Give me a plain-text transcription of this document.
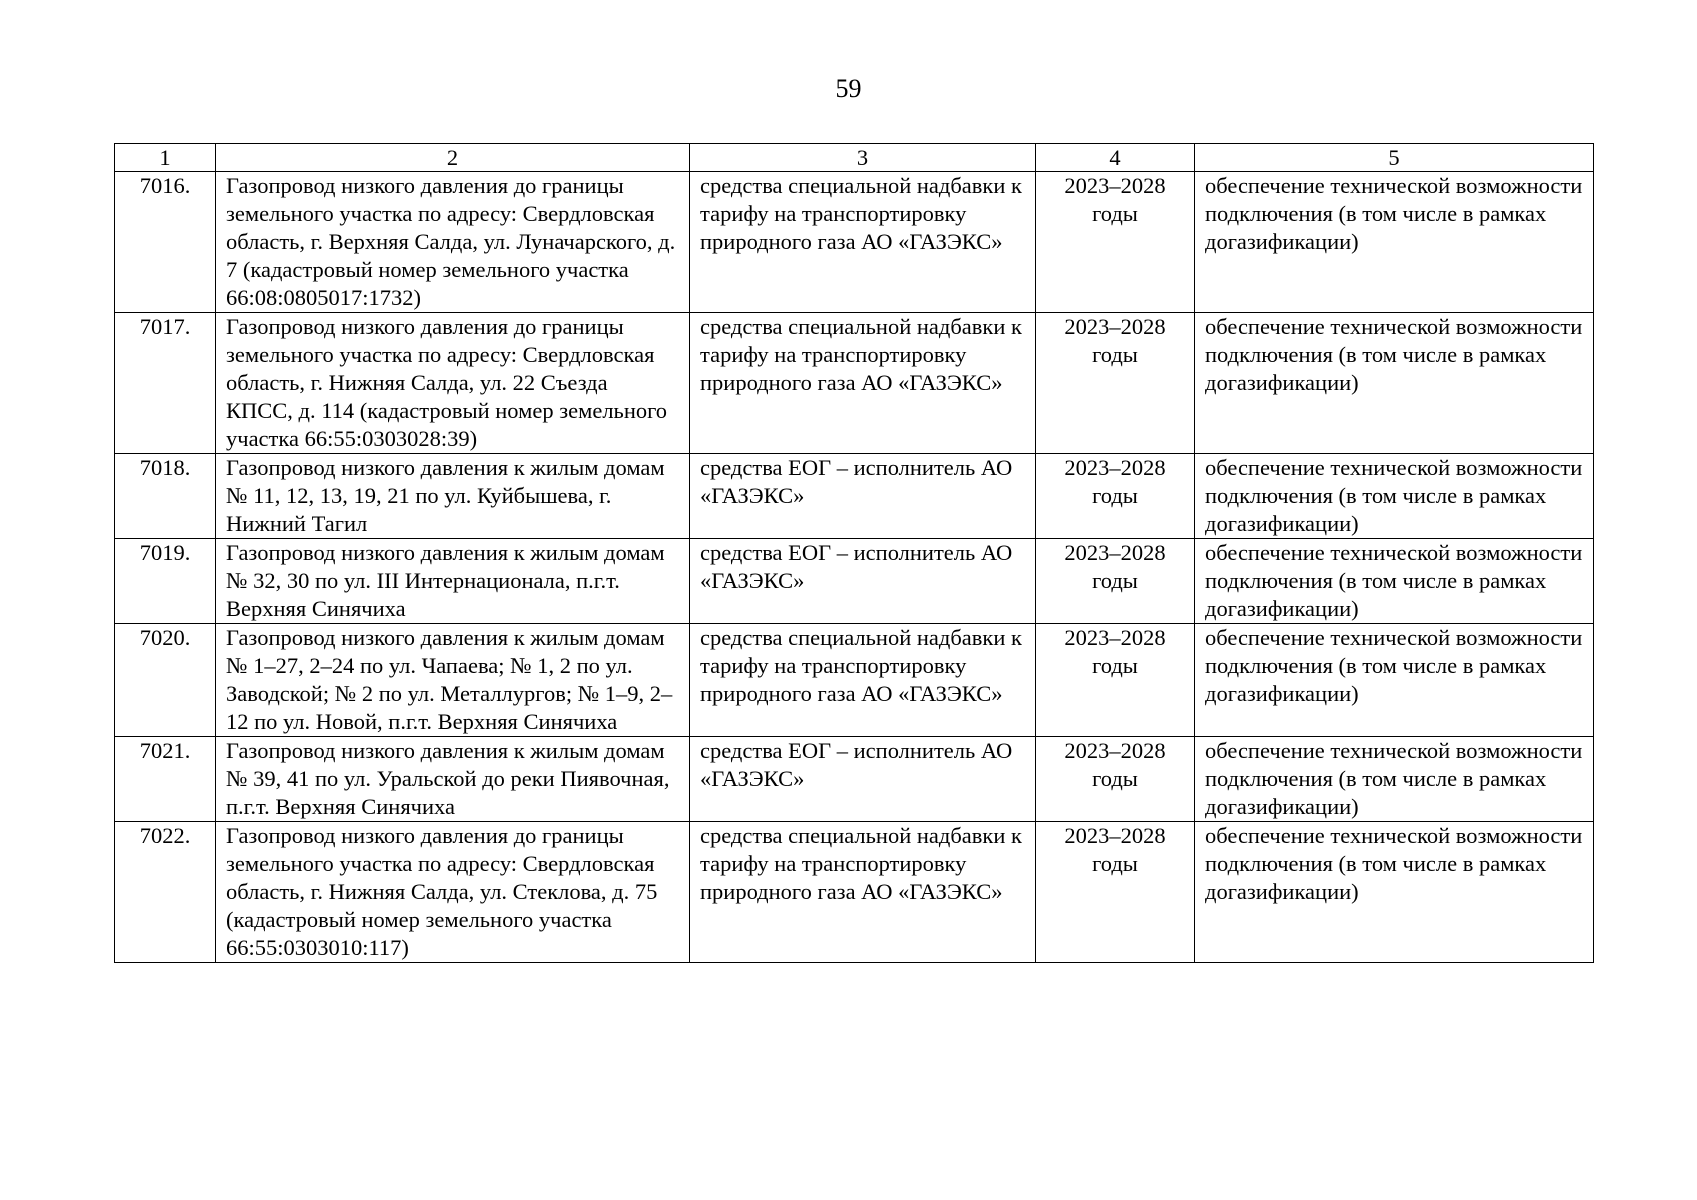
59
1	2	3	4	5
7016.	Газопровод низкого давления до границы земельного участка по адресу: Свердловская область, г. Верхняя Салда, ул. Луначарского, д. 7 (кадастровый номер земельного участка 66:08:0805017:1732)	средства специальной надбавки к тарифу на транспортировку природного газа АО «ГАЗЭКС»	2023–2028 годы	обеспечение технической возможности подключения (в том числе в рамках догазификации)
7017.	Газопровод низкого давления до границы земельного участка по адресу: Свердловская область, г. Нижняя Салда, ул. 22 Съезда КПСС, д. 114 (кадастровый номер земельного участка 66:55:0303028:39)	средства специальной надбавки к тарифу на транспортировку природного газа АО «ГАЗЭКС»	2023–2028 годы	обеспечение технической возможности подключения (в том числе в рамках догазификации)
7018.	Газопровод низкого давления к жилым домам № 11, 12, 13, 19, 21 по ул. Куйбышева, г. Нижний Тагил	средства ЕОГ – исполнитель АО «ГАЗЭКС»	2023–2028 годы	обеспечение технической возможности подключения (в том числе в рамках догазификации)
7019.	Газопровод низкого давления к жилым домам № 32, 30 по ул. III Интернационала, п.г.т. Верхняя Синячиха	средства ЕОГ – исполнитель АО «ГАЗЭКС»	2023–2028 годы	обеспечение технической возможности подключения (в том числе в рамках догазификации)
7020.	Газопровод низкого давления к жилым домам № 1–27, 2–24 по ул. Чапаева; № 1, 2 по ул. Заводской; № 2 по ул. Металлургов; № 1–9, 2–12 по ул. Новой, п.г.т. Верхняя Синячиха	средства специальной надбавки к тарифу на транспортировку природного газа АО «ГАЗЭКС»	2023–2028 годы	обеспечение технической возможности подключения (в том числе в рамках догазификации)
7021.	Газопровод низкого давления к жилым домам № 39, 41 по ул. Уральской до реки Пиявочная, п.г.т. Верхняя Синячиха	средства ЕОГ – исполнитель АО «ГАЗЭКС»	2023–2028 годы	обеспечение технической возможности подключения (в том числе в рамках догазификации)
7022.	Газопровод низкого давления до границы земельного участка по адресу: Свердловская область, г. Нижняя Салда, ул. Стеклова, д. 75 (кадастровый номер земельного участка 66:55:0303010:117)	средства специальной надбавки к тарифу на транспортировку природного газа АО «ГАЗЭКС»	2023–2028 годы	обеспечение технической возможности подключения (в том числе в рамках догазификации)
